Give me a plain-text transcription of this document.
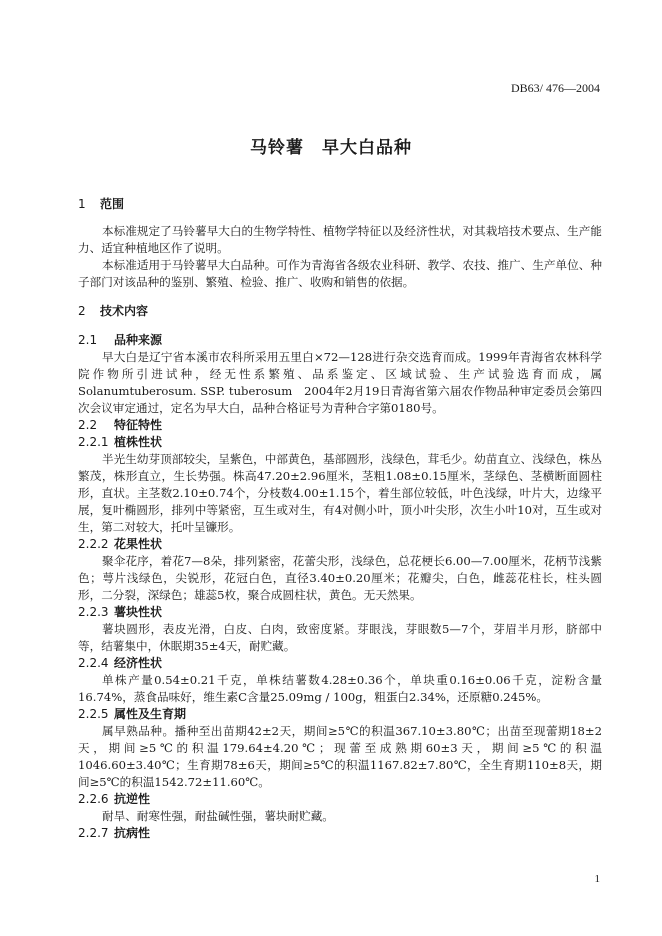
DB63/ 476—2004
马铃薯　早大白品种
1 范围

本标准规定了马铃薯早大白的生物学特性、植物学特征以及经济性状，对其栽培技术要点、生产能力、适宜种植地区作了说明。

本标准适用于马铃薯早大白品种。可作为青海省各级农业科研、教学、农技、推广、生产单位、种子部门对该品种的鉴别、繁殖、检验、推广、收购和销售的依据。

2 技术内容
2.1 品种来源

早大白是辽宁省本溪市农科所采用五里白×72—128进行杂交选育而成。1999年青海省农林科学院作物所引进试种，经无性系繁殖、品系鉴定、区域试验、生产试验选育而成，属Solanumtuberosum. SSP. tuberosum　2004年2月19日青海省第六届农作物品种审定委员会第四次会议审定通过，定名为早大白，品种合格证号为青种合字第0180号。

2.2 特征特性
2.2.1 植株性状

半光生幼芽顶部较尖，呈紫色，中部黄色，基部圆形，浅绿色，茸毛少。幼苗直立、浅绿色，株丛繁茂，株形直立，生长势强。株高47.20±2.96厘米，茎粗1.08±0.15厘米，茎绿色、茎横断面圆柱形，直状。主茎数2.10±0.74个，分枝数4.00±1.15个，着生部位较低，叶色浅绿，叶片大，边缘平展，复叶椭圆形，排列中等紧密，互生或对生，有4对侧小叶，顶小叶尖形，次生小叶10对，互生或对生，第二对较大，托叶呈镰形。

2.2.2 花果性状

聚伞花序，着花7—8朵，排列紧密，花蕾尖形，浅绿色，总花梗长6.00—7.00厘米，花柄节浅紫色；萼片浅绿色，尖锐形，花冠白色，直径3.40±0.20厘米；花瓣尖，白色，雌蕊花柱长，柱头圆形，二分裂，深绿色；雄蕊5枚，聚合成圆柱状，黄色。无天然果。

2.2.3 薯块性状

薯块圆形，表皮光滑，白皮、白肉，致密度紧。芽眼浅，芽眼数5—7个，芽眉半月形，脐部中等，结薯集中，休眠期35±4天，耐贮藏。

2.2.4 经济性状

单株产量0.54±0.21千克，单株结薯数4.28±0.36个，单块重0.16±0.06千克，淀粉含量16.74%，蒸食品味好，维生素C含量25.09mg / 100g，粗蛋白2.34%，还原糖0.245%。

2.2.5 属性及生育期

属早熟品种。播种至出苗期42±2天，期间≥5℃的积温367.10±3.80℃；出苗至现蕾期18±2天，期间≥5℃的积温179.64±4.20℃；现蕾至成熟期60±3天，期间≥5℃的积温1046.60±3.40℃；生育期78±6天，期间≥5℃的积温1167.82±7.80℃，全生育期110±8天，期间≥5℃的积温1542.72±11.60℃。

2.2.6 抗逆性

耐旱、耐寒性强，耐盐碱性强，薯块耐贮藏。

2.2.7 抗病性
1
